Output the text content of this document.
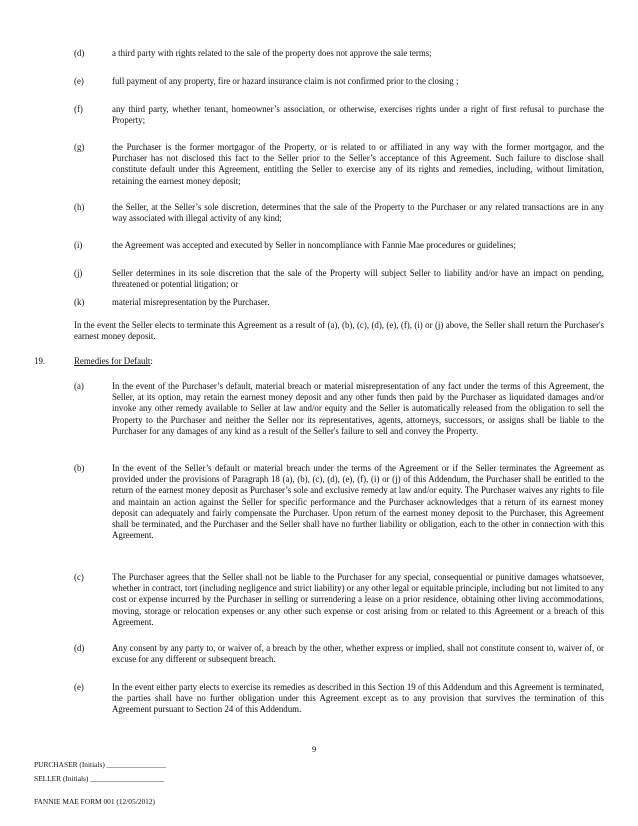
(d)	a third party with rights related to the sale of the property does not approve the sale terms;
(e)	full payment of any property, fire or hazard insurance claim is not confirmed prior to the closing ;
(f)	any third party, whether tenant, homeowner’s association, or otherwise, exercises rights under a right of first refusal to purchase the Property;
(g)	the Purchaser is the former mortgagor of the Property, or is related to or affiliated in any way with the former mortgagor, and the Purchaser has not disclosed this fact to the Seller prior to the Seller’s acceptance of this Agreement. Such failure to disclose shall constitute default under this Agreement, entitling the Seller to exercise any of its rights and remedies, including, without limitation, retaining the earnest money deposit;
(h)	the Seller, at the Seller’s sole discretion, determines that the sale of the Property to the Purchaser or any related transactions are in any way associated with illegal activity of any kind;
(i)	the Agreement was accepted and executed by Seller in noncompliance with Fannie Mae procedures or guidelines;
(j)	Seller determines in its sole discretion that the sale of the Property will subject Seller to liability and/or have an impact on pending, threatened or potential litigation; or
(k)	material misrepresentation by the Purchaser.
In the event the Seller elects to terminate this Agreement as a result of (a), (b), (c), (d), (e), (f), (i) or (j) above, the Seller shall return the Purchaser's earnest money deposit.
19.	Remedies for Default:
(a)	In the event of the Purchaser’s default, material breach or material misrepresentation of any fact under the terms of this Agreement, the Seller, at its option, may retain the earnest money deposit and any other funds then paid by the Purchaser as liquidated damages and/or invoke any other remedy available to Seller at law and/or equity and the Seller is automatically released from the obligation to sell the Property to the Purchaser and neither the Seller nor its representatives, agents, attorneys, successors, or assigns shall be liable to the Purchaser for any damages of any kind as a result of the Seller's failure to sell and convey the Property.
(b)	In the event of the Seller’s default or material breach under the terms of the Agreement or if the Seller terminates the Agreement as provided under the provisions of Paragraph 18 (a), (b), (c), (d), (e), (f), (i) or (j) of this Addendum, the Purchaser shall be entitled to the return of the earnest money deposit as Purchaser’s sole and exclusive remedy at law and/or equity. The Purchaser waives any rights to file and maintain an action against the Seller for specific performance and the Purchaser acknowledges that a return of its earnest money deposit can adequately and fairly compensate the Purchaser. Upon return of the earnest money deposit to the Purchaser, this Agreement shall be terminated, and the Purchaser and the Seller shall have no further liability or obligation, each to the other in connection with this Agreement.
(c)	The Purchaser agrees that the Seller shall not be liable to the Purchaser for any special, consequential or punitive damages whatsoever, whether in contract, tort (including negligence and strict liability) or any other legal or equitable principle, including but not limited to any cost or expense incurred by the Purchaser in selling or surrendering a lease on a prior residence, obtaining other living accommodations, moving, storage or relocation expenses or any other such expense or cost arising from or related to this Agreement or a breach of this Agreement.
(d)	Any consent by any party to, or waiver of, a breach by the other, whether express or implied, shall not constitute consent to, waiver of, or excuse for any different or subsequent breach.
(e)	In the event either party elects to exercise its remedies as described in this Section 19 of this Addendum and this Agreement is terminated, the parties shall have no further obligation under this Agreement except as to any provision that survives the termination of this Agreement pursuant to Section 24 of this Addendum.
9
PURCHASER (Initials) ________________
SELLER (Initials) ____________________
FANNIE MAE FORM 001 (12/05/2012)
